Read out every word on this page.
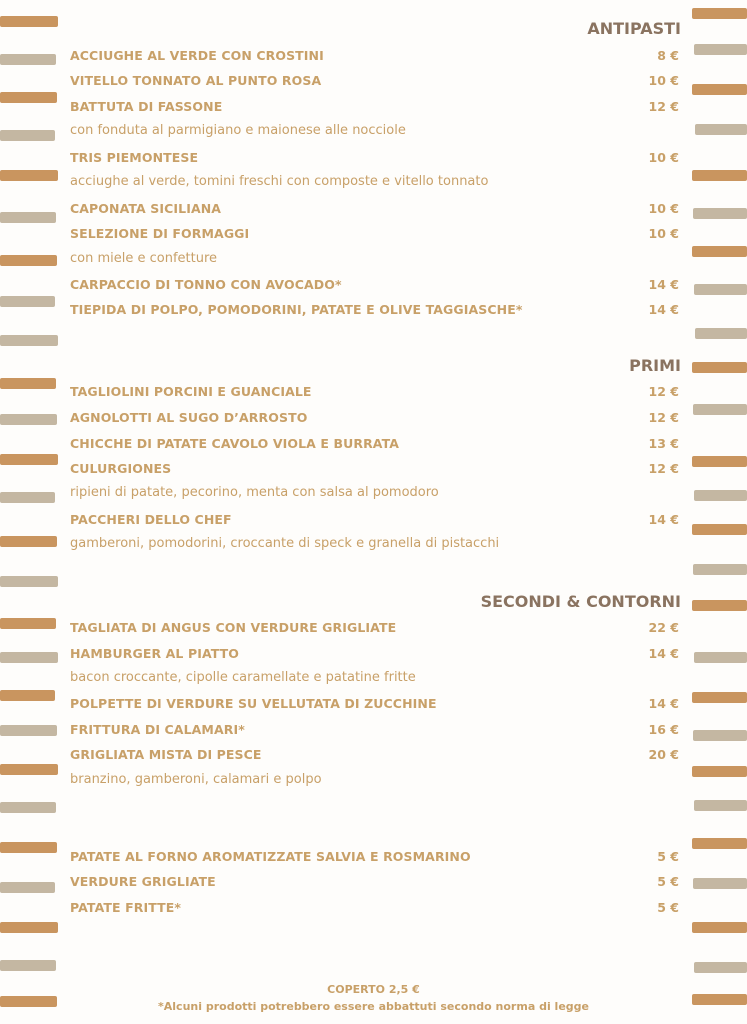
ANTIPASTI
ACCIUGHE AL VERDE CON CROSTINI	8 €
VITELLO TONNATO AL PUNTO ROSA	10 €
BATTUTA DI FASSONE	12 €
con fonduta al parmigiano e maionese alle nocciole
TRIS PIEMONTESE	10 €
acciughe al verde, tomini freschi con composte e vitello tonnato
CAPONATA SICILIANA	10 €
SELEZIONE DI FORMAGGI	10 €
con miele e confetture
CARPACCIO DI TONNO CON AVOCADO*	14 €
TIEPIDA DI POLPO, POMODORINI, PATATE E OLIVE TAGGIASCHE*	14 €
PRIMI
TAGLIOLINI PORCINI E GUANCIALE	12 €
AGNOLOTTI AL SUGO D’ARROSTO	12 €
CHICCHE DI PATATE CAVOLO VIOLA E BURRATA	13 €
CULURGIONES	12 €
ripieni di patate, pecorino, menta con salsa al pomodoro
PACCHERI DELLO CHEF	14 €
gamberoni, pomodorini, croccante di speck e granella di pistacchi
SECONDI & CONTORNI
TAGLIATA DI ANGUS CON VERDURE GRIGLIATE	22 €
HAMBURGER AL PIATTO	14 €
bacon croccante, cipolle caramellate e patatine fritte
POLPETTE DI VERDURE SU VELLUTATA DI ZUCCHINE	14 €
FRITTURA DI CALAMARI*	16 €
GRIGLIATA MISTA DI PESCE	20 €
branzino, gamberoni, calamari e polpo
PATATE AL FORNO AROMATIZZATE SALVIA E ROSMARINO	5 €
VERDURE GRIGLIATE	5 €
PATATE FRITTE*	5 €
COPERTO 2,5 €
*Alcuni prodotti potrebbero essere abbattuti secondo norma di legge
